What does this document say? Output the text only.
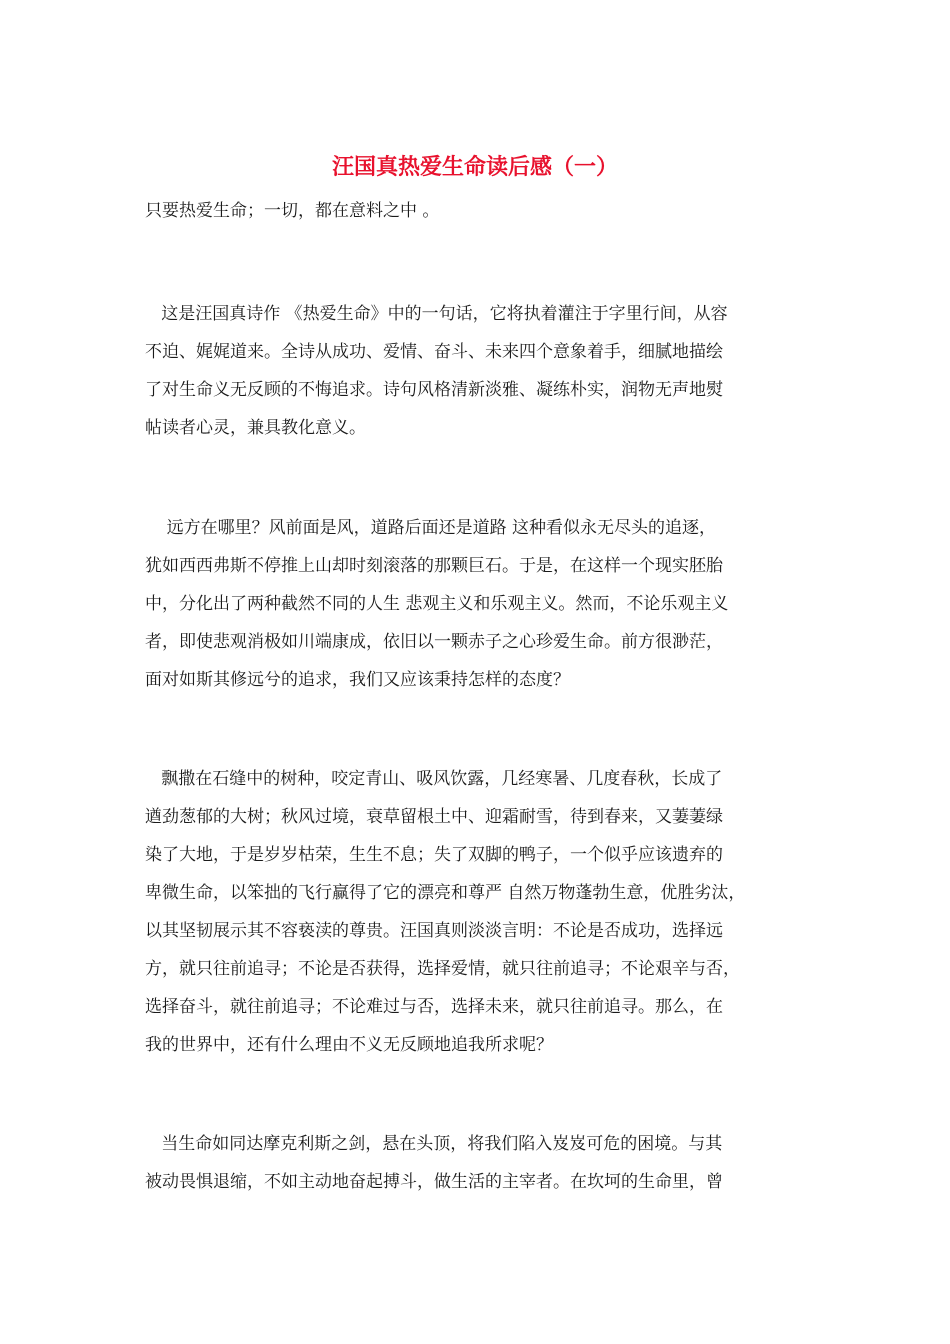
汪国真热爱生命读后感（一）

只要热爱生命；一切，都在意料之中 。

这是汪国真诗作 《热爱生命》中的一句话，它将执着灌注于字里行间，从容
不迫、娓娓道来。全诗从成功、爱情、奋斗、未来四个意象着手，细腻地描绘
了对生命义无反顾的不悔追求。诗句风格清新淡雅、凝练朴实，润物无声地熨
帖读者心灵，兼具教化意义。
远方在哪里？风前面是风，道路后面还是道路 这种看似永无尽头的追逐，
犹如西西弗斯不停推上山却时刻滚落的那颗巨石。于是，在这样一个现实胚胎
中，分化出了两种截然不同的人生 悲观主义和乐观主义。然而，不论乐观主义
者，即使悲观消极如川端康成，依旧以一颗赤子之心珍爱生命。前方很渺茫，
面对如斯其修远兮的追求，我们又应该秉持怎样的态度？
飘撒在石缝中的树种，咬定青山、吸风饮露，几经寒暑、几度春秋，长成了
遒劲葱郁的大树；秋风过境，衰草留根土中、迎霜耐雪，待到春来，又萋萋绿
染了大地，于是岁岁枯荣，生生不息；失了双脚的鸭子，一个似乎应该遗弃的
卑微生命，以笨拙的飞行赢得了它的漂亮和尊严 自然万物蓬勃生意，优胜劣汰，
以其坚韧展示其不容亵渎的尊贵。汪国真则淡淡言明：不论是否成功，选择远
方，就只往前追寻；不论是否获得，选择爱情，就只往前追寻；不论艰辛与否，
选择奋斗，就往前追寻；不论难过与否，选择未来，就只往前追寻。那么，在
我的世界中，还有什么理由不义无反顾地追我所求呢？
当生命如同达摩克利斯之剑，悬在头顶，将我们陷入岌岌可危的困境。与其
被动畏惧退缩，不如主动地奋起搏斗，做生活的主宰者。在坎坷的生命里，曾
